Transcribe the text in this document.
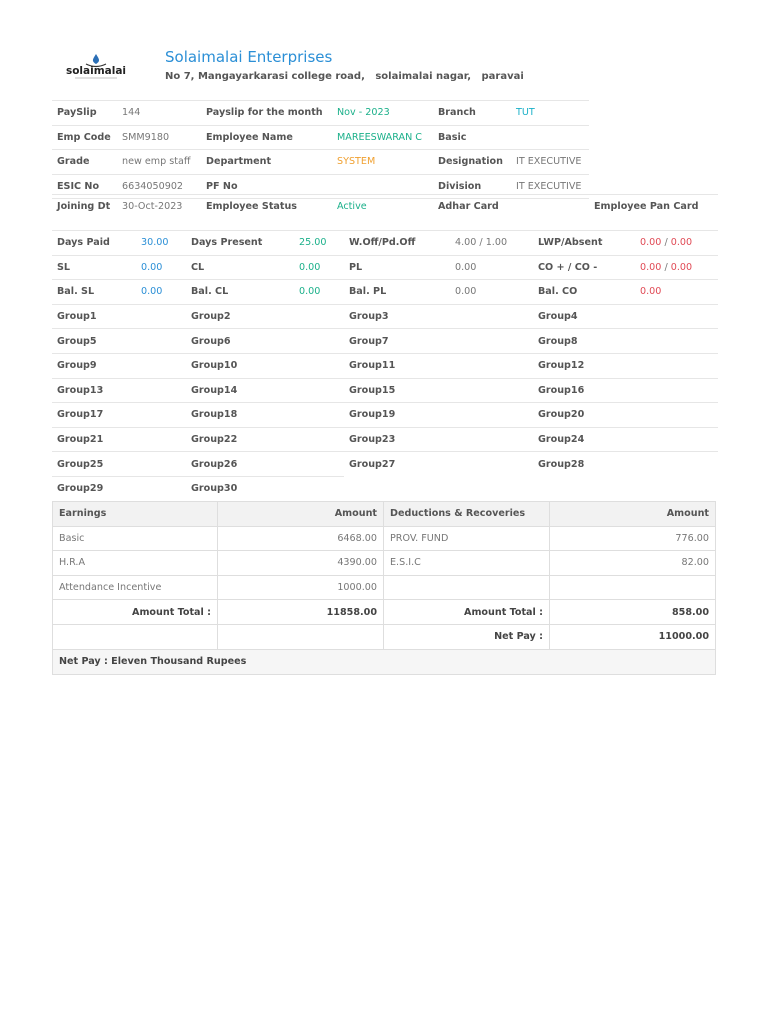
solaimalai
Solaimalai Enterprises
No 7, Mangayarkarasi college road,   solaimalai nagar,   paravai
PaySlip	144	Payslip for the month	Nov - 2023	Branch	TUT
Emp Code	SMM9180	Employee Name	MAREESWARAN C	Basic	
Grade	new emp staff	Department	SYSTEM	Designation	IT EXECUTIVE
ESIC No	6634050902	PF No		Division	IT EXECUTIVE
Joining Dt	30-Oct-2023	Employee Status	Active	Adhar Card	Employee Pan Card
Days Paid	30.00	Days Present	25.00	W.Off/Pd.Off	4.00 / 1.00	LWP/Absent	0.00 / 0.00
SL	0.00	CL	0.00	PL	0.00	CO + / CO -	0.00 / 0.00
Bal. SL	0.00	Bal. CL	0.00	Bal. PL	0.00	Bal. CO	0.00
Group1		Group2		Group3		Group4	
Group5		Group6		Group7		Group8	
Group9		Group10		Group11		Group12	
Group13		Group14		Group15		Group16	
Group17		Group18		Group19		Group20	
Group21		Group22		Group23		Group24	
Group25		Group26		Group27		Group28	
Group29		Group30					
Earnings	Amount	Deductions & Recoveries	Amount
Basic	6468.00	PROV. FUND	776.00
H.R.A	4390.00	E.S.I.C	82.00
Attendance Incentive	1000.00		
Amount Total :	11858.00	Amount Total :	858.00
		Net Pay :	11000.00
Net Pay : Eleven Thousand Rupees			
